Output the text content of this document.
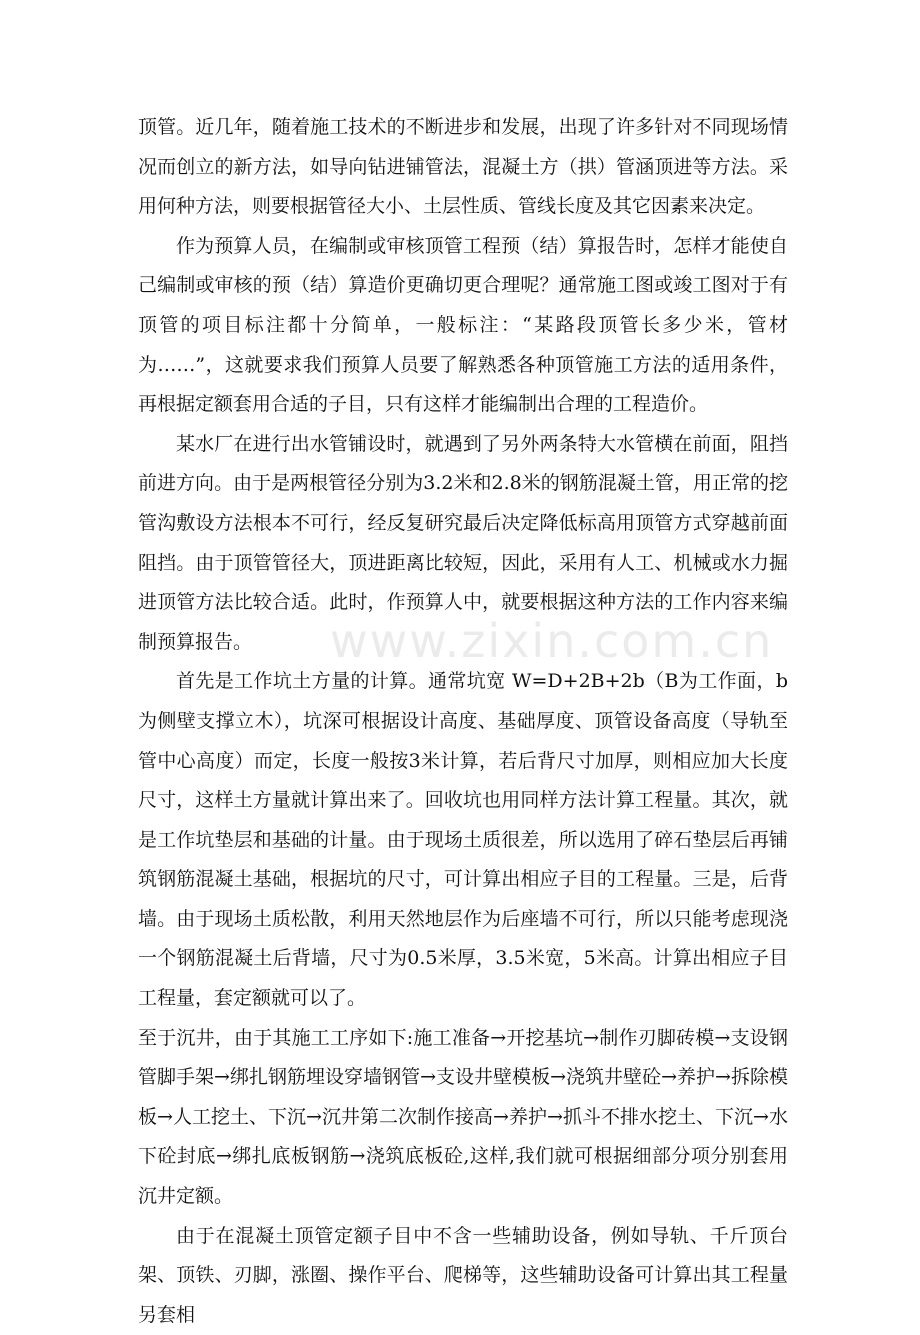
www.zixin.com.cn

顶管。近几年，随着施工技术的不断进步和发展，出现了许多针对不同现场情况而创立的新方法，如导向钻进铺管法，混凝土方（拱）管涵顶进等方法。采用何种方法，则要根据管径大小、土层性质、管线长度及其它因素来决定。

作为预算人员，在编制或审核顶管工程预（结）算报告时，怎样才能使自己编制或审核的预（结）算造价更确切更合理呢？通常施工图或竣工图对于有顶管的项目标注都十分简单，一般标注：“某路段顶管长多少米，管材为……”，这就要求我们预算人员要了解熟悉各种顶管施工方法的适用条件，再根据定额套用合适的子目，只有这样才能编制出合理的工程造价。

某水厂在进行出水管铺设时，就遇到了另外两条特大水管横在前面，阻挡前进方向。由于是两根管径分别为3.2米和2.8米的钢筋混凝土管，用正常的挖管沟敷设方法根本不可行，经反复研究最后决定降低标高用顶管方式穿越前面阻挡。由于顶管管径大，顶进距离比较短，因此，采用有人工、机械或水力掘进顶管方法比较合适。此时，作预算人中，就要根据这种方法的工作内容来编制预算报告。

首先是工作坑土方量的计算。通常坑宽 W=D+2B+2b（B为工作面，b为侧壁支撑立木），坑深可根据设计高度、基础厚度、顶管设备高度（导轨至管中心高度）而定，长度一般按3米计算，若后背尺寸加厚，则相应加大长度尺寸，这样土方量就计算出来了。回收坑也用同样方法计算工程量。其次，就是工作坑垫层和基础的计量。由于现场土质很差，所以选用了碎石垫层后再铺筑钢筋混凝土基础，根据坑的尺寸，可计算出相应子目的工程量。三是，后背墙。由于现场土质松散，利用天然地层作为后座墙不可行，所以只能考虑现浇一个钢筋混凝土后背墙，尺寸为0.5米厚，3.5米宽，5米高。计算出相应子目工程量，套定额就可以了。

至于沉井，由于其施工工序如下:施工准备→开挖基坑→制作刃脚砖模→支设钢管脚手架→绑扎钢筋埋设穿墙钢管→支设井壁模板→浇筑井壁砼→养护→拆除模板→人工挖土、下沉→沉井第二次制作接高→养护→抓斗不排水挖土、下沉→水下砼封底→绑扎底板钢筋→浇筑底板砼,这样,我们就可根据细部分项分别套用沉井定额。

由于在混凝土顶管定额子目中不含一些辅助设备，例如导轨、千斤顶台架、顶铁、刃脚，涨圈、操作平台、爬梯等，这些辅助设备可计算出其工程量另套相
